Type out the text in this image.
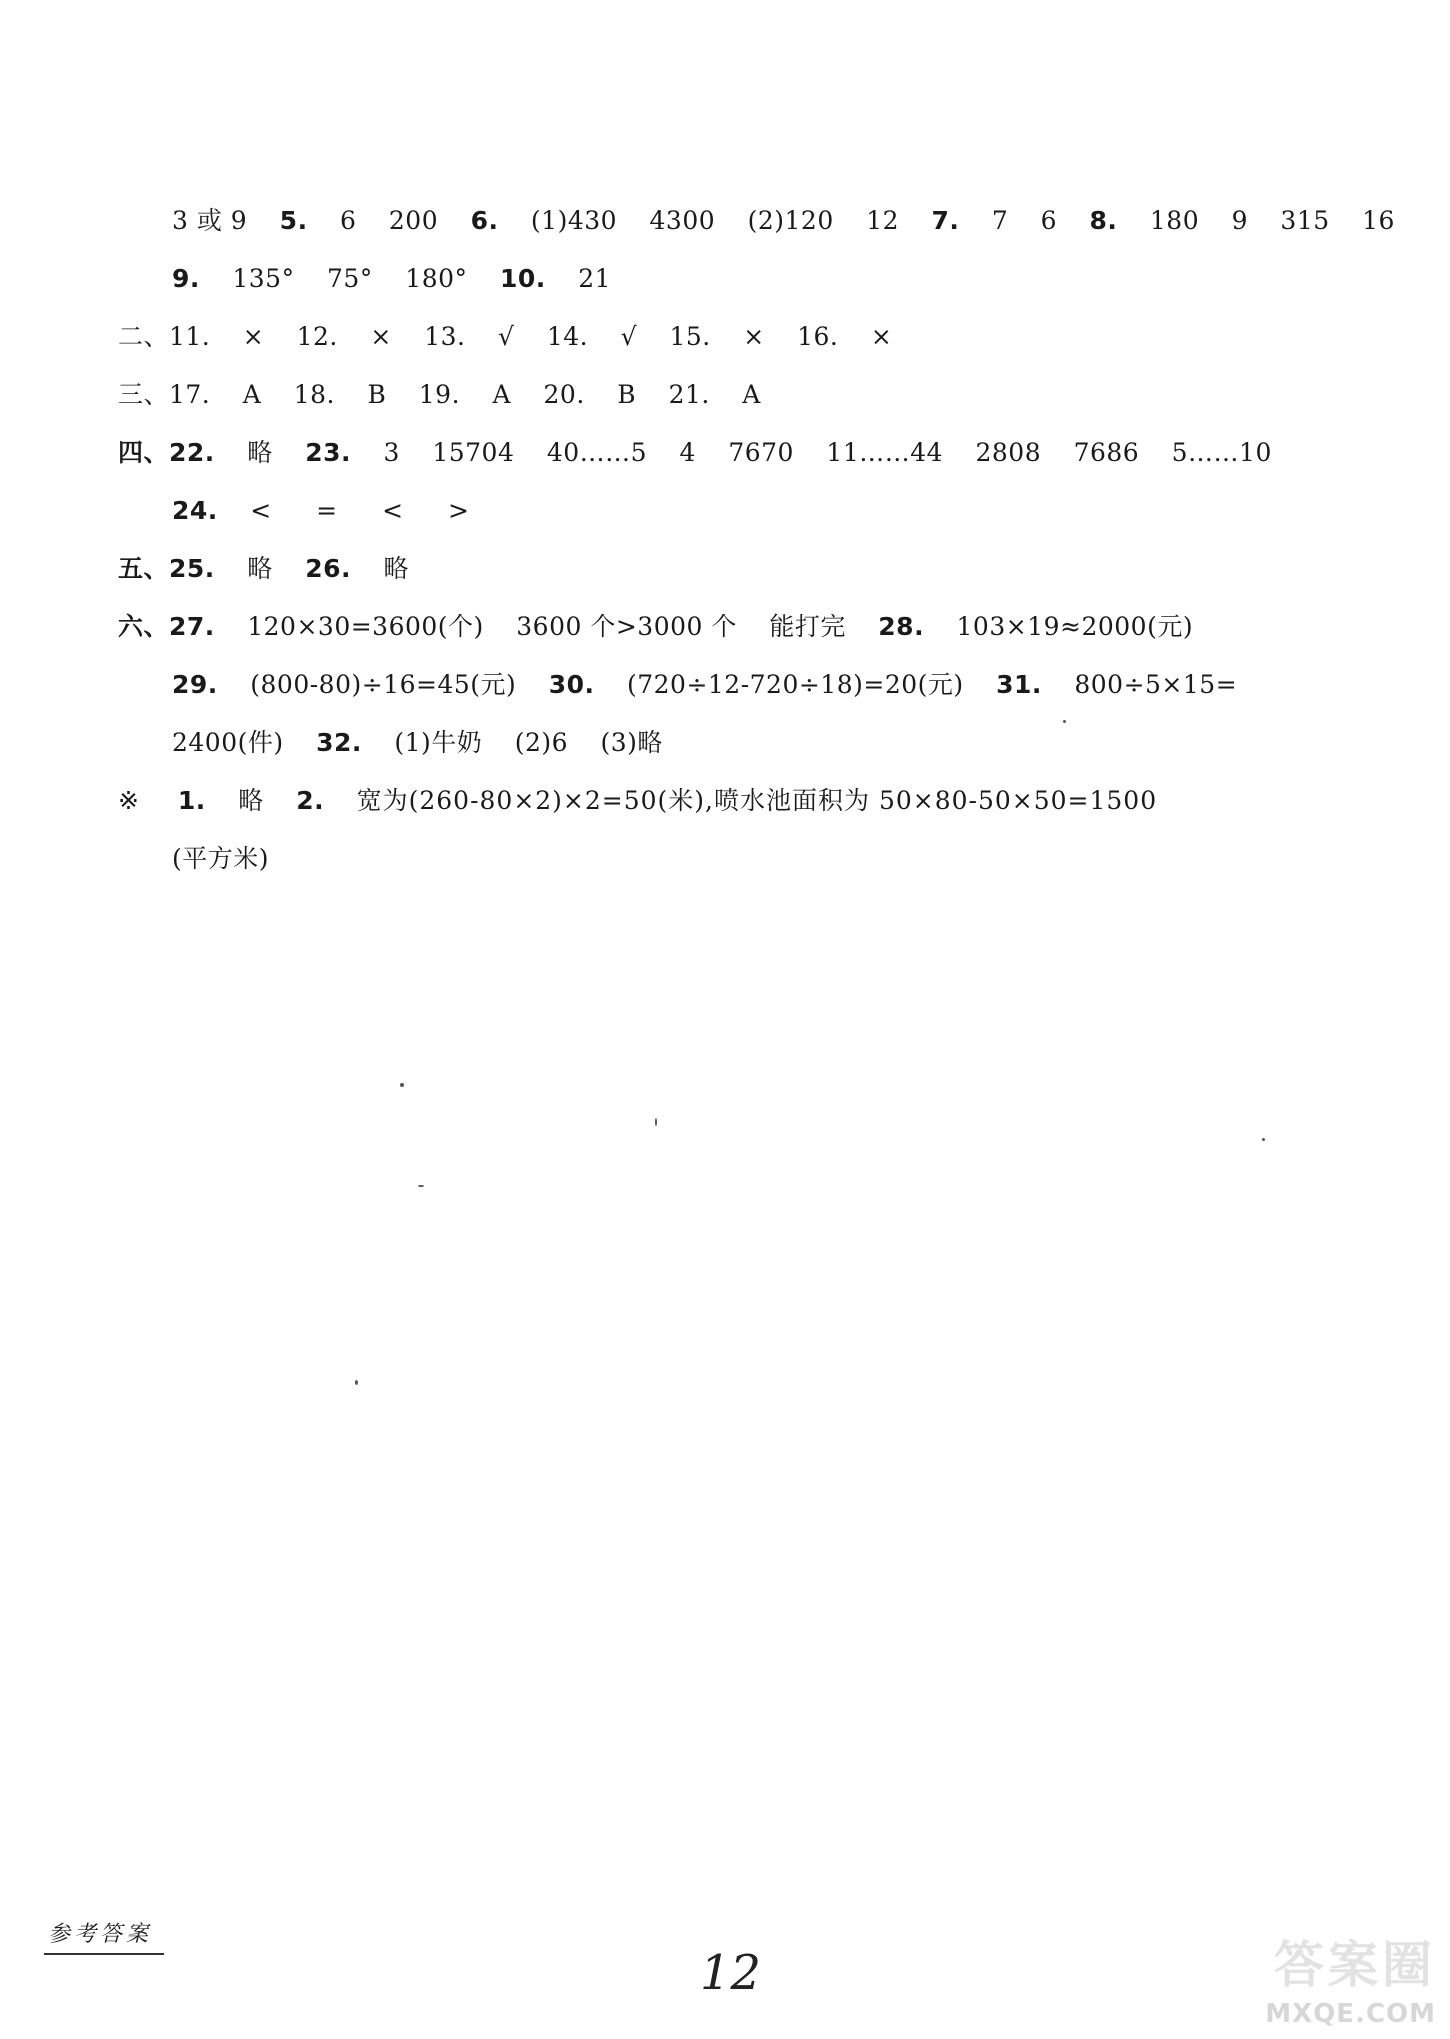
3 或 9 5. 6 200 6. (1)430 4300 (2)120 12 7. 7 6 8. 180 9 315 16
9. 135° 75° 180° 10. 21
二、11. × 12. × 13. √ 14. √ 15. × 16. ×
三、17. A 18. B 19. A 20. B 21. A
四、22. 略 23. 3 15704 40……5 4 7670 11……44 2808 7686 5……10
24. < = < >
五、25. 略 26. 略
六、27. 120×30=3600(个) 3600 个>3000 个 能打完 28. 103×19≈2000(元)
29. (800-80)÷16=45(元) 30. (720÷12-720÷18)=20(元) 31. 800÷5×15=
2400(件) 32. (1)牛奶 (2)6 (3)略
※ 1. 略 2. 宽为(260-80×2)×2=50(米),喷水池面积为 50×80-50×50=1500
(平方米)
参考答案
12	答案圈
MXQE.COM
